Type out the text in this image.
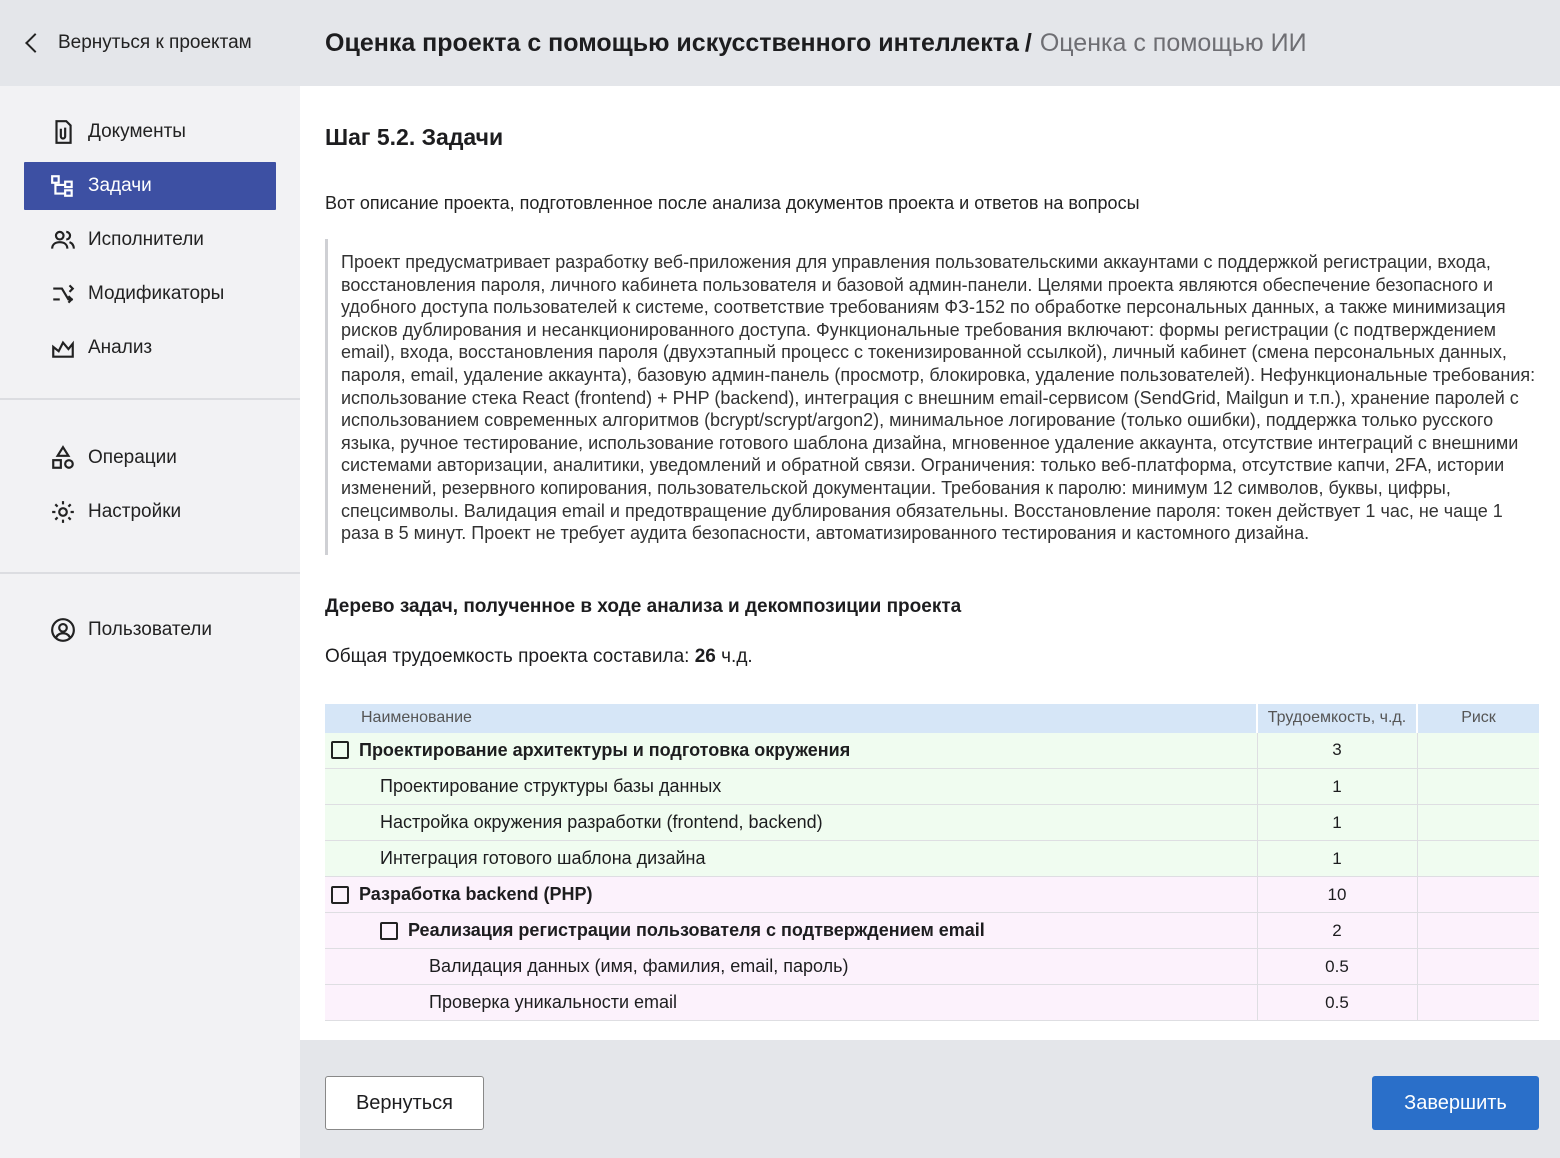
Вернуться к проектам
Документы
Задачи
Исполнители
Модификаторы
Анализ
Операции
Настройки
Пользователи
Оценка проекта с помощью искусственного интеллекта / Оценка с помощью ИИ
Шаг 5.2. Задачи
Вот описание проекта, подготовленное после анализа документов проекта и ответов на вопросы
Проект предусматривает разработку веб-приложения для управления пользовательскими аккаунтами с поддержкой регистрации, входа, восстановления пароля, личного кабинета пользователя и базовой админ-панели. Целями проекта являются обеспечение безопасного и удобного доступа пользователей к системе, соответствие требованиям ФЗ-152 по обработке персональных данных, а также минимизация рисков дублирования и несанкционированного доступа. Функциональные требования включают: формы регистрации (с подтверждением email), входа, восстановления пароля (двухэтапный процесс с токенизированной ссылкой), личный кабинет (смена персональных данных, пароля, email, удаление аккаунта), базовую админ-панель (просмотр, блокировка, удаление пользователей). Нефункциональные требования: использование стека React (frontend) + PHP (backend), интеграция с внешним email-сервисом (SendGrid, Mailgun и т.п.), хранение паролей с использованием современных алгоритмов (bcrypt/scrypt/argon2), минимальное логирование (только ошибки), поддержка только русского языка, ручное тестирование, использование готового шаблона дизайна, мгновенное удаление аккаунта, отсутствие интеграций с внешними системами авторизации, аналитики, уведомлений и обратной связи. Ограничения: только веб-платформа, отсутствие капчи, 2FA, истории изменений, резервного копирования, пользовательской документации. Требования к паролю: минимум 12 символов, буквы, цифры, спецсимволы. Валидация email и предотвращение дублирования обязательны. Восстановление пароля: токен действует 1 час, не чаще 1 раза в 5 минут. Проект не требует аудита безопасности, автоматизированного тестирования и кастомного дизайна.
Дерево задач, полученное в ходе анализа и декомпозиции проекта
Общая трудоемкость проекта составила: 26 ч.д.
Наименование	Трудоемкость, ч.д.	Риск

Проектирование архитектуры и подготовка окружения	3	

Проектирование структуры базы данных	1	

Настройка окружения разработки (frontend, backend)	1	

Интеграция готового шаблона дизайна	1	

Разработка backend (PHP)	10	

Реализация регистрации пользователя с подтверждением email	2	

Валидация данных (имя, фамилия, email, пароль)	0.5	

Проверка уникальности email	0.5	
Вернуться	Завершить
